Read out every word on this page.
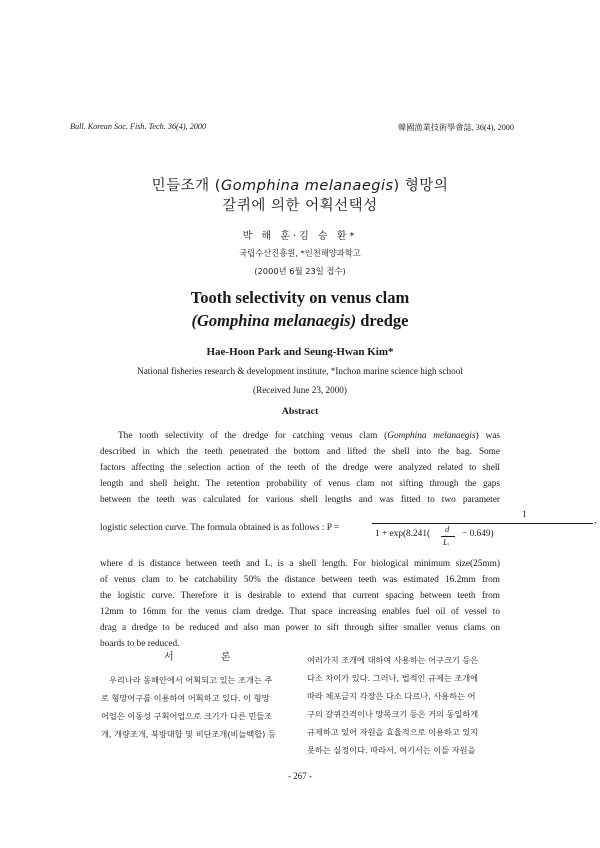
Bull. Korean Soc. Fish. Tech. 36(4), 2000	韓國漁業技術學會誌, 36(4), 2000
민들조개 (Gomphina melanaegis) 형망의
갈퀴에 의한 어획선택성
박 해 훈·김 승 환*
국립수산진흥원, *인천해양과학고
(2000년 6월 23일 접수)
Tooth selectivity on venus clam
(Gomphina melanaegis) dredge
Hae-Hoon Park and Seung-Hwan Kim*
National fisheries research & development institute, *Inchon marine science high school
(Received June 23, 2000)
Abstract
The tooth selectivity of the dredge for catching venus clam (Gomphina melanaegis) was
described in which the teeth penetrated the bottom and lifted the shell into the bag. Some
factors affecting the selection action of the teeth of the dredge were analyzed related to shell
length and shell height. The retention probability of venus clam not sifting through the gaps
between the teeth was calculated for various shell lengths and was fitted to two parameter
logistic selection curve. The formula obtained is as follows : P =
1
,
1 + exp(8.241( d
Lᵢ
− 0.649)
where d is distance between teeth and Lᵢ is a shell length. For biological minimum size(25mm)
of venus clam to be catchability 50% the distance between teeth was estimated 16.2mm from
the logistic curve. Therefore it is desirable to extend that current spacing between teeth from
12mm to 16mm for the venus clam dredge. That space increasing enables fuel oil of vessel to
drag a dredge to be reduced and also man power to sift through sifter smaller venus clams on
boards to be reduced.
서 론
우리나라 동해안에서 어획되고 있는 조개는 주
로 형망어구를 이용하여 어획하고 있다. 이 형망
어업은 이동성 구획어업으로 크기가 다른 민들조
개, 개량조개, 북방대합 및 비단조개(비늘백합) 등
여러가지 조개에 대하여 사용하는 어구크기 등은
다소 차이가 있다. 그러나, 법적인 규제는 조개에
따라 체포금지 각장은 다소 다르나, 사용하는 어
구의 갈퀴간격이나 망목크기 등은 거의 동일하게
규제하고 있어 자원을 효율적으로 이용하고 있지
못하는 실정이다. 따라서, 여기서는 이들 자원을
- 267 -
